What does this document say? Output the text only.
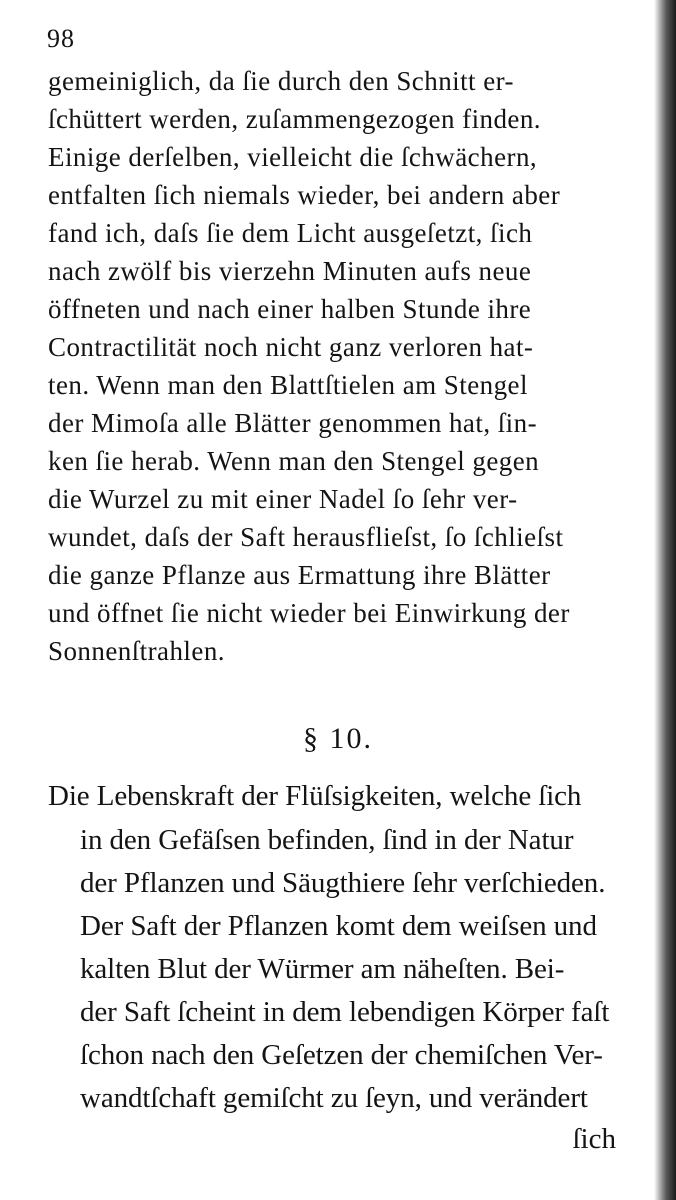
98

gemeiniglich, da ſie durch den Schnitt er-

ſchüttert werden, zuſammengezogen finden.

Einige derſelben, vielleicht die ſchwächern,

entfalten ſich niemals wieder, bei andern aber

fand ich, daſs ſie dem Licht ausgeſetzt, ſich

nach zwölf bis vierzehn Minuten aufs neue

öffneten und nach einer halben Stunde ihre

Contractilität noch nicht ganz verloren hat-

ten. Wenn man den Blattſtielen am Stengel

der Mimoſa alle Blätter genommen hat, ſin-

ken ſie herab. Wenn man den Stengel gegen

die Wurzel zu mit einer Nadel ſo ſehr ver-

wundet, daſs der Saft herausflieſst, ſo ſchlieſst

die ganze Pflanze aus Ermattung ihre Blätter

und öffnet ſie nicht wieder bei Einwirkung der

Sonnenſtrahlen.

§ 10.

Die Lebenskraft der Flüſsigkeiten, welche ſich

in den Gefäſsen befinden, ſind in der Natur

der Pflanzen und Säugthiere ſehr verſchieden.

Der Saft der Pflanzen komt dem weiſsen und

kalten Blut der Würmer am näheſten. Bei-

der Saft ſcheint in dem lebendigen Körper faſt

ſchon nach den Geſetzen der chemiſchen Ver-

wandtſchaft gemiſcht zu ſeyn, und verändert

ſich
